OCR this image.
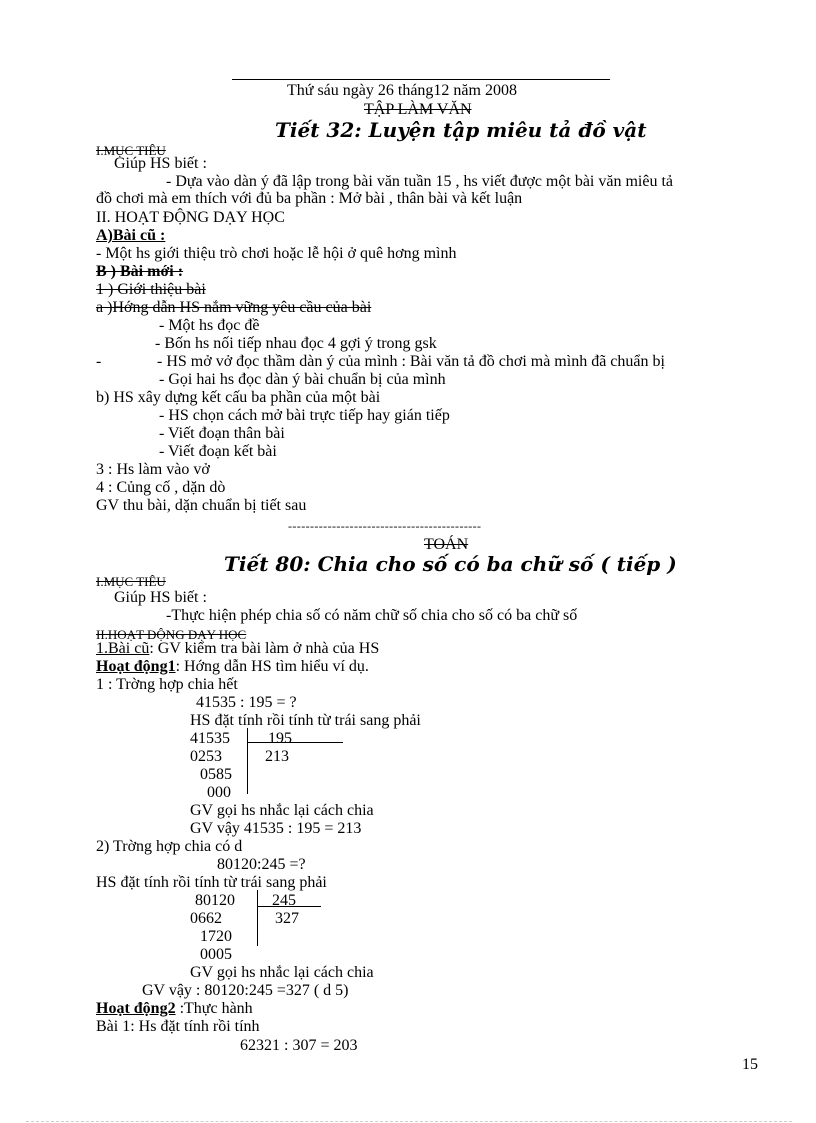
Thứ sáu ngày 26 tháng12 năm 2008
TẬP LÀM VĂN
Tiết 32: Luyện tập miêu tả đồ vật
I.MỤC TIÊU
Giúp HS biết :
- Dựa vào dàn ý đã lập trong bài văn tuần 15 , hs viết được một bài văn miêu tả
đồ chơi mà em thích với đủ ba phần : Mở bài , thân bài và kết luận
II. HOẠT ĐỘNG DẠY HỌC
A)Bài cũ :
- Một hs giới thiệu trò chơi hoặc lễ hội ở quê hơng mình
B ) Bài mới :
1 ) Giới thiệu bài
a )Hớng dẫn HS nắm vững yêu cầu của bài
- Một hs đọc đề
- Bốn hs nối tiếp nhau đọc 4 gợi ý trong gsk
-	- HS mở vở đọc thầm dàn ý của mình : Bài văn tả đồ chơi mà mình đã chuẩn bị
- Gọi hai hs đọc dàn ý bài chuẩn bị của mình
b) HS xây dựng kết cấu ba phần của một bài
- HS chọn cách mở bài trực tiếp hay gián tiếp
- Viết đoạn thân bài
- Viết đoạn kết bài
3 : Hs làm vào vở
4 : Củng cố , dặn dò
GV thu bài, dặn chuẩn bị tiết sau
--------------------------------------------
TOÁN
Tiết 80: Chia cho số có ba chữ số ( tiếp )
I.MỤC TIÊU
Giúp HS biết :
-Thực hiện phép chia số có năm chữ số chia cho số có ba chữ số
II.HOẠT ĐỘNG DẠY HỌC
1.Bài cũ: GV kiểm tra bài làm ở nhà của HS
Hoạt động1: Hớng dẫn HS tìm hiểu ví dụ.
1 : Trờng hợp chia hết
41535 : 195 = ?
HS đặt tính rồi tính từ trái sang phải
41535 195
213
0253
0585
000
GV gọi hs nhắc lại cách chia
GV vậy 41535 : 195 = 213
2) Trờng hợp chia có d
80120:245 =?
HS đặt tính rồi tính từ trái sang phải
80120 245
327
0662
1720
0005
GV gọi hs nhắc lại cách chia
GV vậy : 80120:245 =327 ( d 5)
Hoạt động2 :Thực hành
Bài 1: Hs đặt tính rồi tính
62321 : 307 = 203
15
